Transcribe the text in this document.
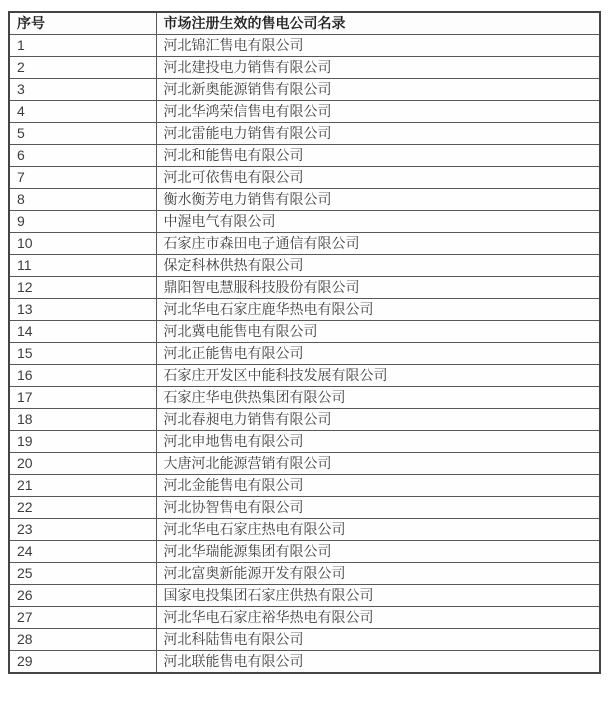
序号	市场注册生效的售电公司名录
1	河北锦汇售电有限公司
2	河北建投电力销售有限公司
3	河北新奥能源销售有限公司
4	河北华鸿荣信售电有限公司
5	河北雷能电力销售有限公司
6	河北和能售电有限公司
7	河北可依售电有限公司
8	衡水衡芳电力销售有限公司
9	中渥电气有限公司
10	石家庄市森田电子通信有限公司
11	保定科林供热有限公司
12	鼎阳智电慧服科技股份有限公司
13	河北华电石家庄鹿华热电有限公司
14	河北冀电能售电有限公司
15	河北正能售电有限公司
16	石家庄开发区中能科技发展有限公司
17	石家庄华电供热集团有限公司
18	河北春昶电力销售有限公司
19	河北申地售电有限公司
20	大唐河北能源营销有限公司
21	河北金能售电有限公司
22	河北协智售电有限公司
23	河北华电石家庄热电有限公司
24	河北华瑞能源集团有限公司
25	河北富奥新能源开发有限公司
26	国家电投集团石家庄供热有限公司
27	河北华电石家庄裕华热电有限公司
28	河北科陆售电有限公司
29	河北联能售电有限公司
